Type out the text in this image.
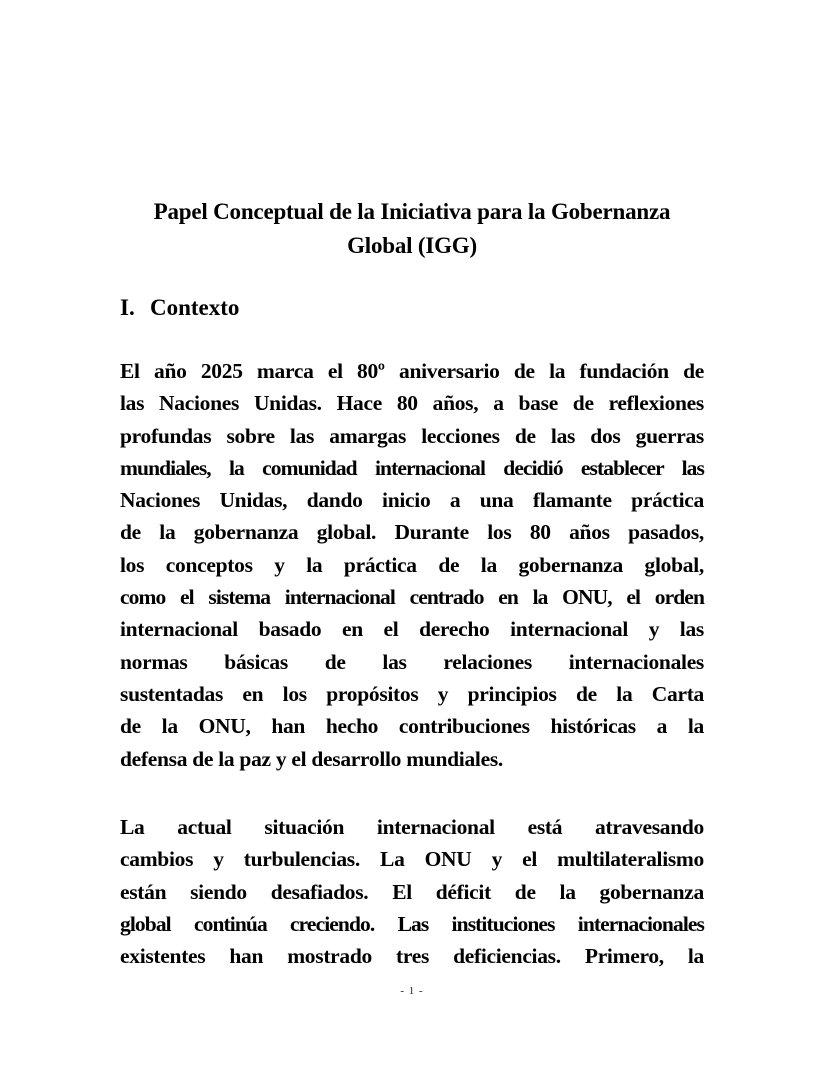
Papel Conceptual de la Iniciativa para la Gobernanza
Global (IGG)
I. Contexto
El año 2025 marca el 80º aniversario de la fundación de
las Naciones Unidas. Hace 80 años, a base de reflexiones
profundas sobre las amargas lecciones de las dos guerras
mundiales, la comunidad internacional decidió establecer las
Naciones Unidas, dando inicio a una flamante práctica
de la gobernanza global. Durante los 80 años pasados,
los conceptos y la práctica de la gobernanza global,
como el sistema internacional centrado en la ONU, el orden
internacional basado en el derecho internacional y las
normas básicas de las relaciones internacionales
sustentadas en los propósitos y principios de la Carta
de la ONU, han hecho contribuciones históricas a la
defensa de la paz y el desarrollo mundiales.
La actual situación internacional está atravesando
cambios y turbulencias. La ONU y el multilateralismo
están siendo desafiados. El déficit de la gobernanza
global continúa creciendo. Las instituciones internacionales
existentes han mostrado tres deficiencias. Primero, la
- 1 -
